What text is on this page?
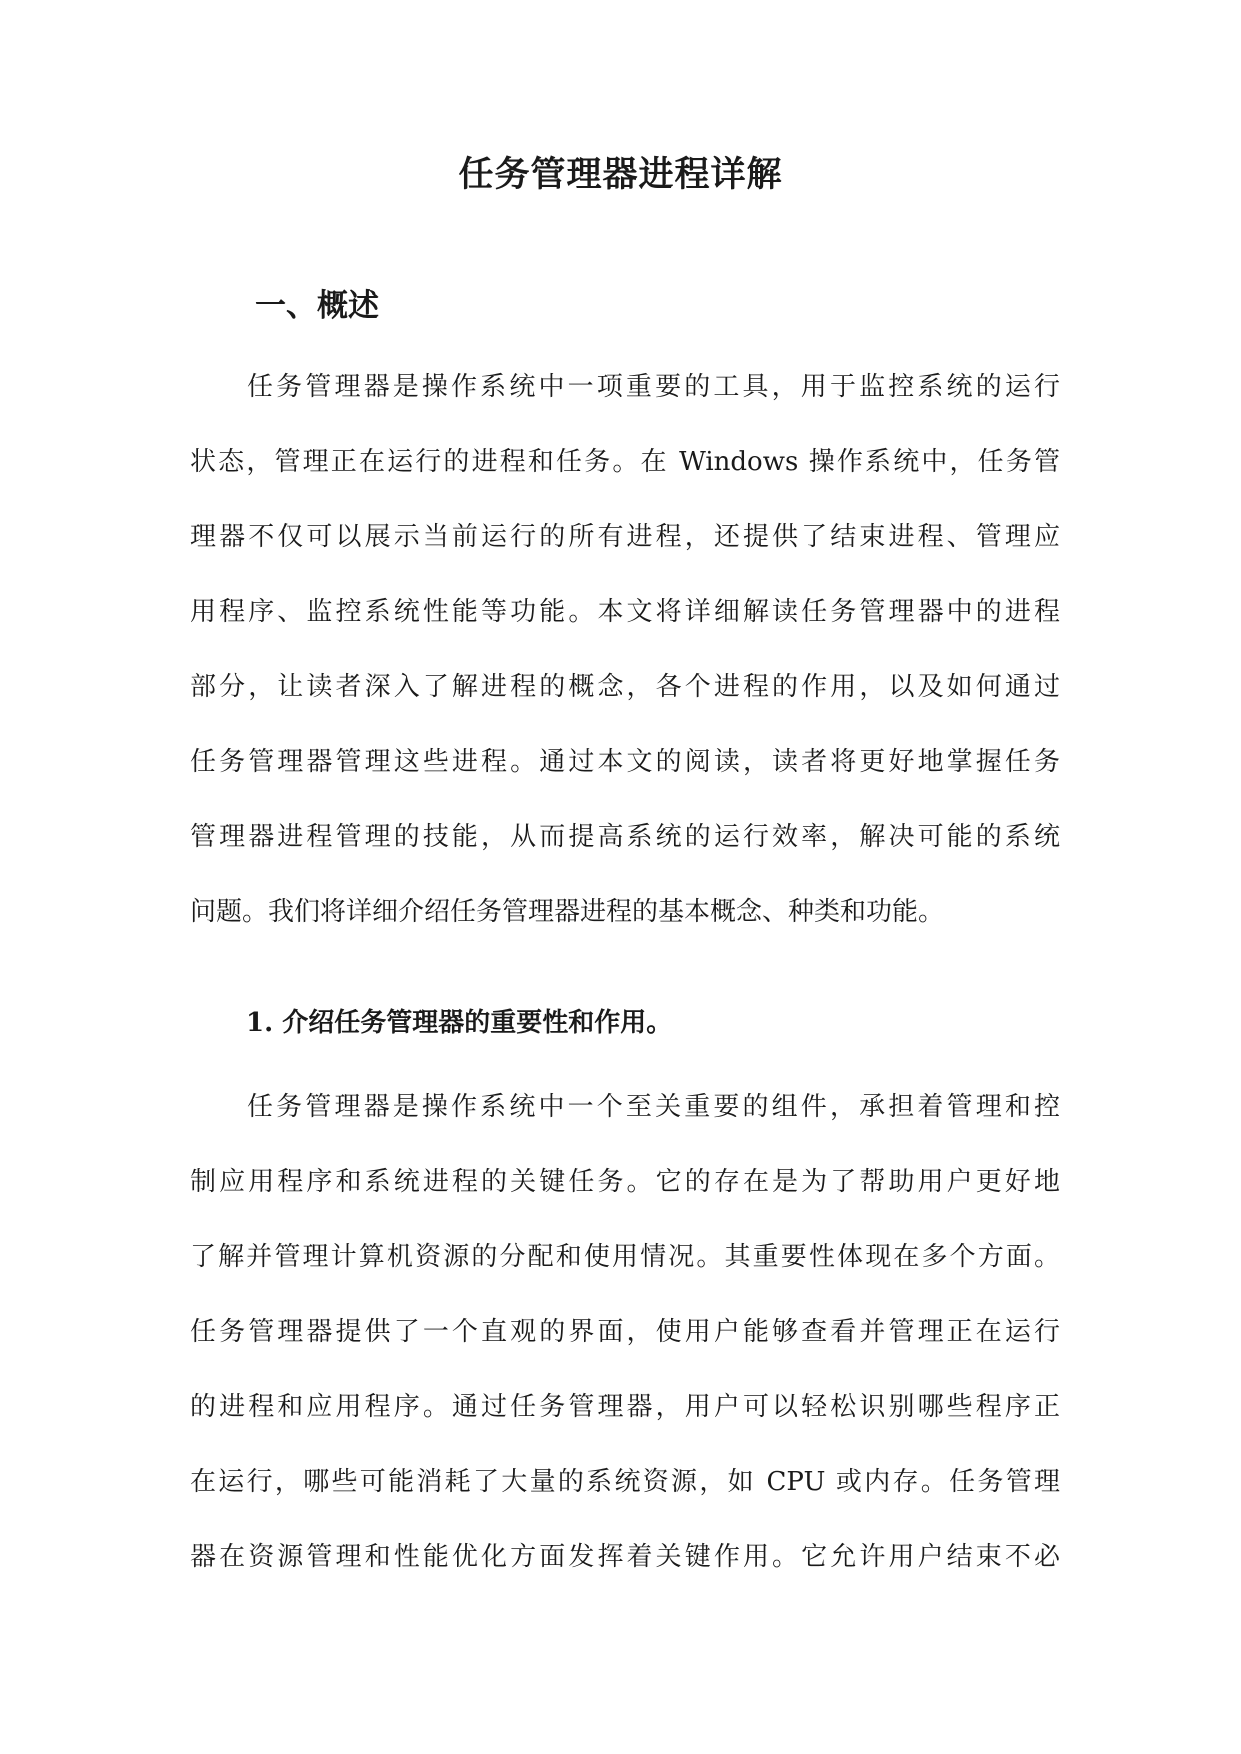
任务管理器进程详解
一、概述
任务管理器是操作系统中一项重要的工具，用于监控系统的运行
状态，管理正在运行的进程和任务。在 Windows 操作系统中，任务管
理器不仅可以展示当前运行的所有进程，还提供了结束进程、管理应
用程序、监控系统性能等功能。本文将详细解读任务管理器中的进程
部分，让读者深入了解进程的概念，各个进程的作用，以及如何通过
任务管理器管理这些进程。通过本文的阅读，读者将更好地掌握任务
管理器进程管理的技能，从而提高系统的运行效率，解决可能的系统
问题。我们将详细介绍任务管理器进程的基本概念、种类和功能。
1. 介绍任务管理器的重要性和作用。
任务管理器是操作系统中一个至关重要的组件，承担着管理和控
制应用程序和系统进程的关键任务。它的存在是为了帮助用户更好地
了解并管理计算机资源的分配和使用情况。其重要性体现在多个方面。
任务管理器提供了一个直观的界面，使用户能够查看并管理正在运行
的进程和应用程序。通过任务管理器，用户可以轻松识别哪些程序正
在运行，哪些可能消耗了大量的系统资源，如 CPU 或内存。任务管理
器在资源管理和性能优化方面发挥着关键作用。它允许用户结束不必
